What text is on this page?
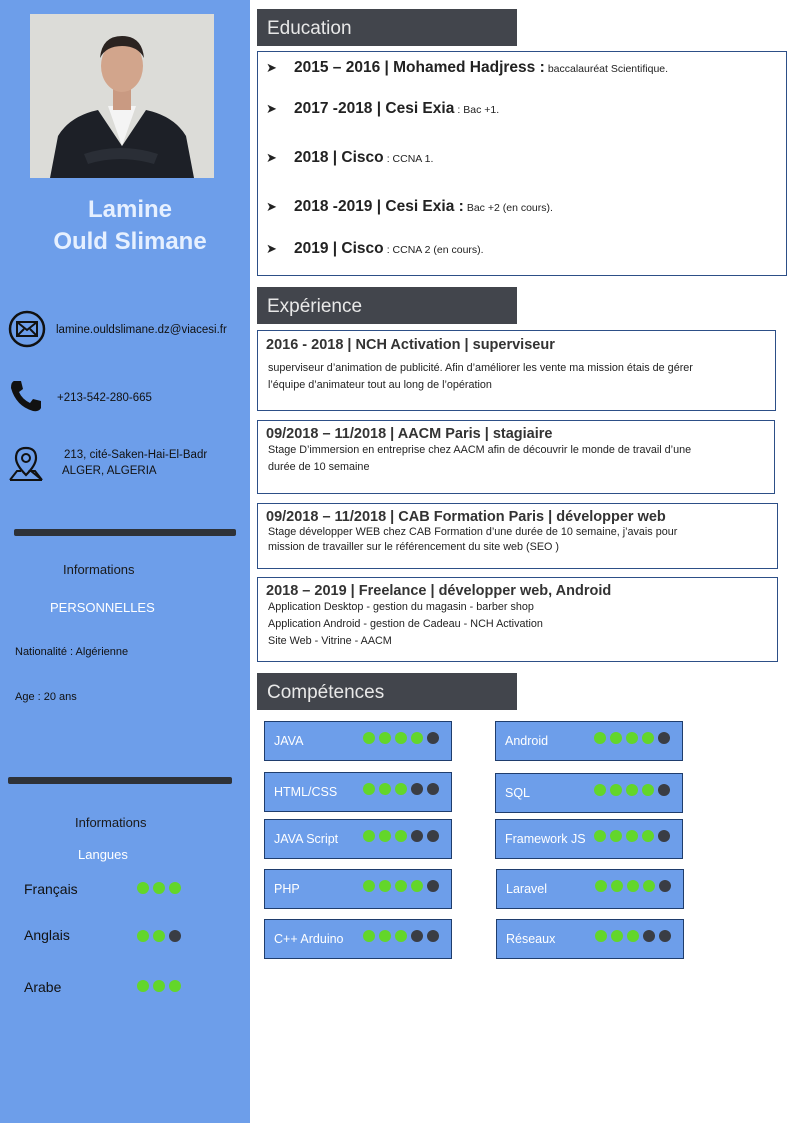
Lamine
Ould Slimane
lamine.ouldslimane.dz@viacesi.fr
+213-542-280-665
213, cité-Saken-Hai-El-Badr
ALGER, ALGERIA
Informations
PERSONNELLES
Nationalité : Algérienne
Age : 20 ans
Informations
Langues
Français
Anglais
Arabe
Education
➤ 2015 – 2016 | Mohamed Hadjress : baccalauréat Scientifique.
➤ 2017 -2018 | Cesi Exia : Bac +1.
➤ 2018 | Cisco : CCNA 1.
➤ 2018 -2019 | Cesi Exia : Bac +2 (en cours).
➤ 2019 | Cisco : CCNA 2 (en cours).
Expérience
2016 - 2018 | NCH Activation | superviseur
superviseur d’animation de publicité. Afin d’améliorer les vente ma mission étais de gérer
l’équipe d’animateur tout au long de l’opération
09/2018 – 11/2018 | AACM Paris | stagiaire
Stage D’immersion en entreprise chez AACM afin de découvrir le monde de travail d’une
durée de 10 semaine
09/2018 – 11/2018 | CAB Formation Paris | développer web
Stage développer WEB chez CAB Formation d’une durée de 10 semaine, j’avais pour
mission de travailler sur le référencement du site web (SEO )
2018 – 2019 | Freelance | développer web, Android
Application Desktop - gestion du magasin - barber shop
Application Android - gestion de Cadeau - NCH Activation
Site Web - Vitrine - AACM
Compétences
JAVA	Android
HTML/CSS	SQL
JAVA Script	Framework JS
PHP	Laravel
C++ Arduino	Réseaux
